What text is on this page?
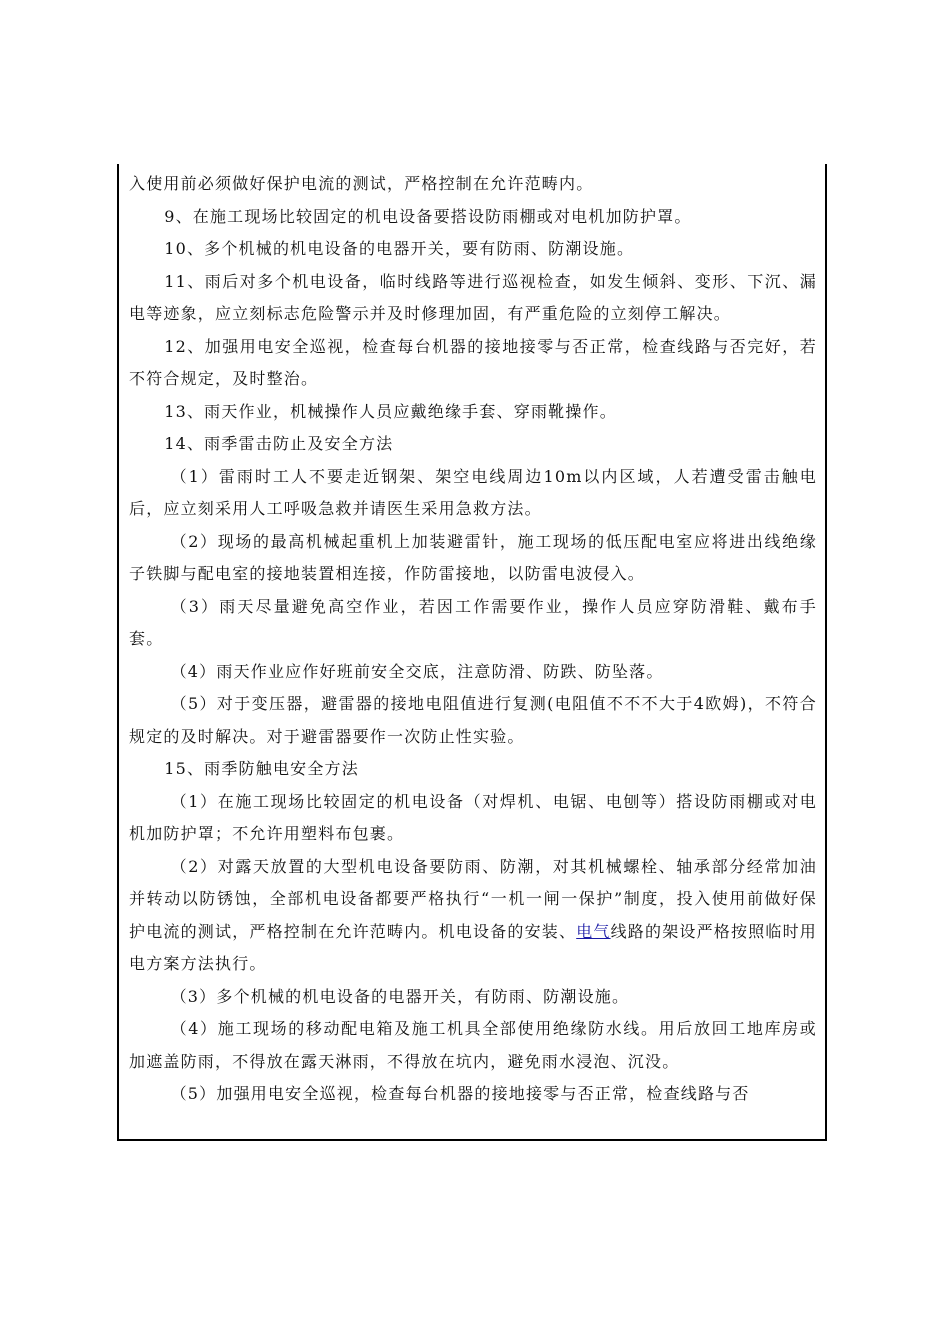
入使用前必须做好保护电流的测试，严格控制在允许范畴内。

9、在施工现场比较固定的机电设备要搭设防雨棚或对电机加防护罩。

10、多个机械的机电设备的电器开关，要有防雨、防潮设施。

11、雨后对多个机电设备，临时线路等进行巡视检查，如发生倾斜、变形、下沉、漏电等迹象，应立刻标志危险警示并及时修理加固，有严重危险的立刻停工解决。

12、加强用电安全巡视，检查每台机器的接地接零与否正常，检查线路与否完好，若不符合规定，及时整治。

13、雨天作业，机械操作人员应戴绝缘手套、穿雨靴操作。

14、雨季雷击防止及安全方法

（1）雷雨时工人不要走近钢架、架空电线周边10m以内区域，人若遭受雷击触电后，应立刻采用人工呼吸急救并请医生采用急救方法。

（2）现场的最高机械起重机上加装避雷针，施工现场的低压配电室应将进出线绝缘子铁脚与配电室的接地装置相连接，作防雷接地，以防雷电波侵入。

（3）雨天尽量避免高空作业，若因工作需要作业，操作人员应穿防滑鞋、戴布手套。

（4）雨天作业应作好班前安全交底，注意防滑、防跌、防坠落。

（5）对于变压器，避雷器的接地电阻值进行复测(电阻值不不不大于4欧姆)，不符合规定的及时解决。对于避雷器要作一次防止性实验。

15、雨季防触电安全方法

（1）在施工现场比较固定的机电设备（对焊机、电锯、电刨等）搭设防雨棚或对电机加防护罩；不允许用塑料布包裹。

（2）对露天放置的大型机电设备要防雨、防潮，对其机械螺栓、轴承部分经常加油并转动以防锈蚀，全部机电设备都要严格执行“一机一闸一保护”制度，投入使用前做好保护电流的测试，严格控制在允许范畴内。机电设备的安装、电气线路的架设严格按照临时用电方案方法执行。

（3）多个机械的机电设备的电器开关，有防雨、防潮设施。

（4）施工现场的移动配电箱及施工机具全部使用绝缘防水线。用后放回工地库房或加遮盖防雨，不得放在露天淋雨，不得放在坑内，避免雨水浸泡、沉没。

（5）加强用电安全巡视，检查每台机器的接地接零与否正常，检查线路与否
